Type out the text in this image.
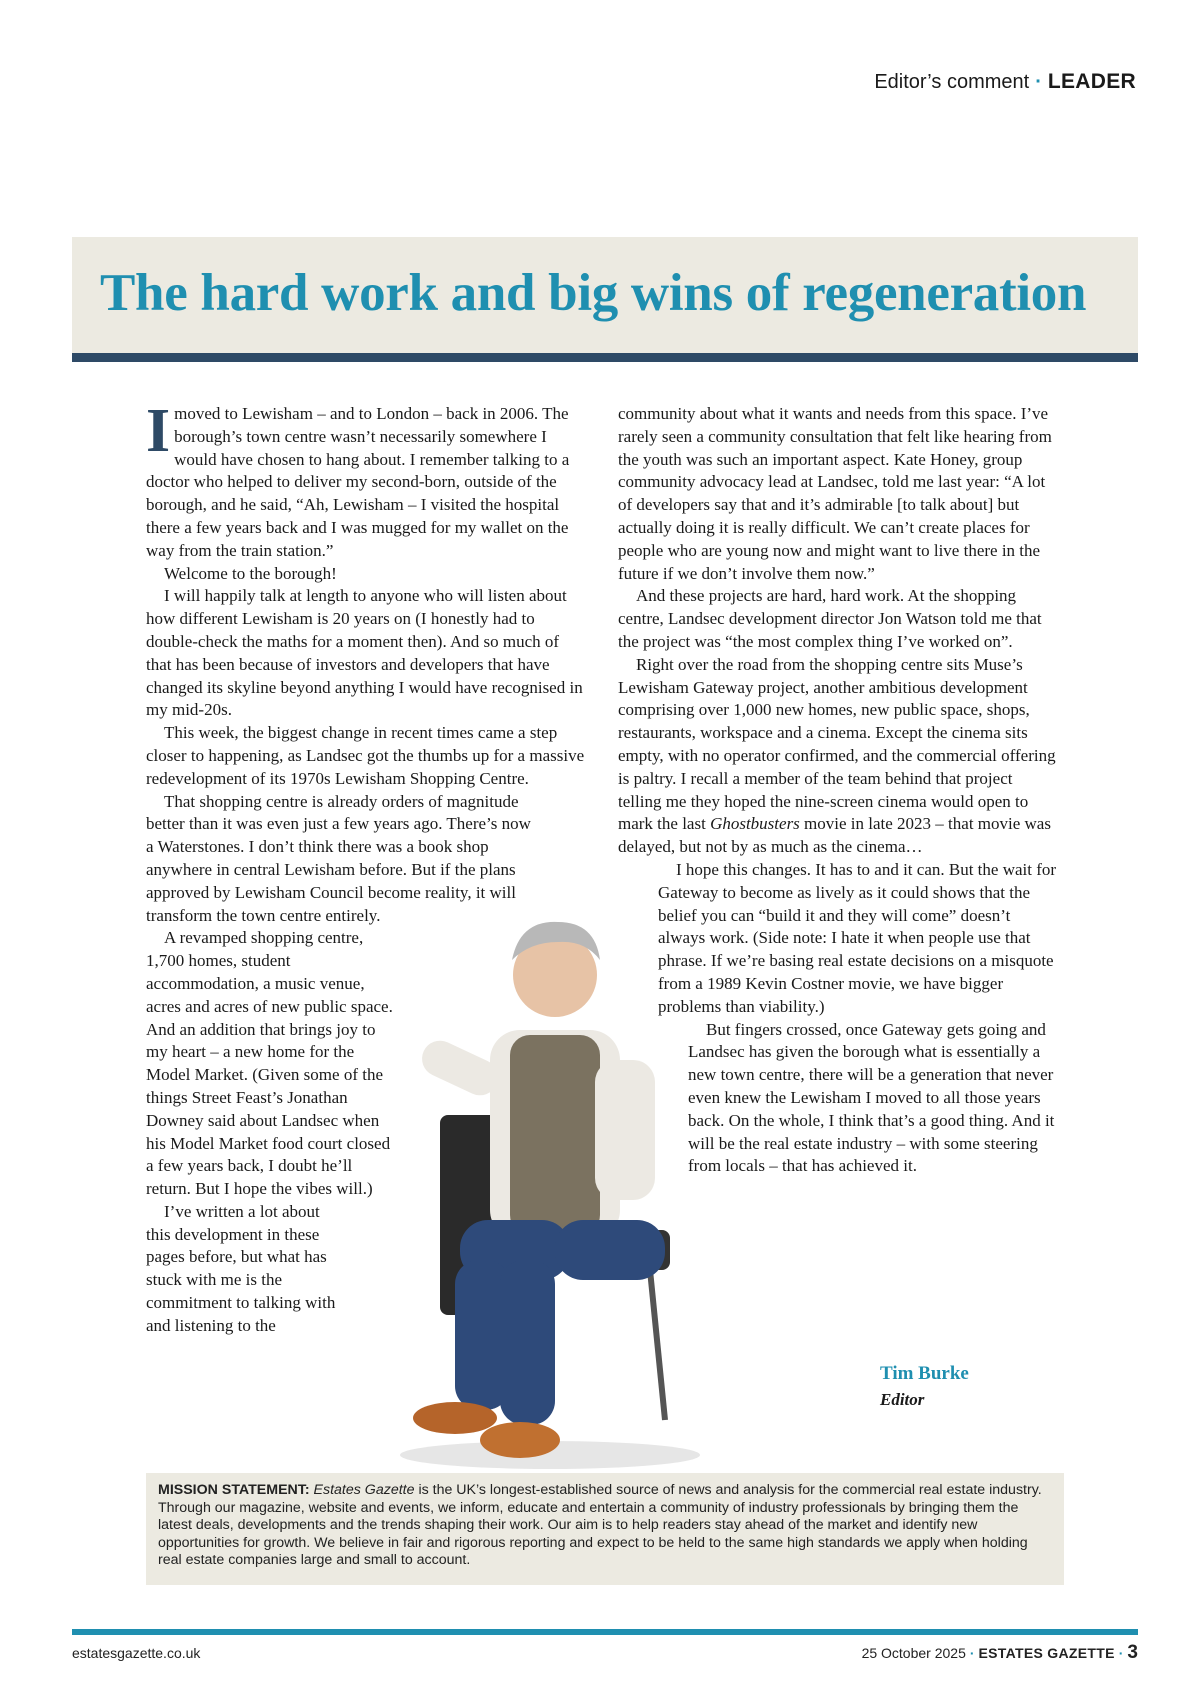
Editor’s comment · LEADER
The hard work and big wins of regeneration

Imoved to Lewisham – and to London – back in 2006. The borough’s town centre wasn’t necessarily somewhere I would have chosen to hang about. I remember talking to a doctor who helped to deliver my second-born, outside of the borough, and he said, “Ah, Lewisham – I visited the hospital there a few years back and I was mugged for my wallet on the way from the train station.”

Welcome to the borough!

I will happily talk at length to anyone who will listen about how different Lewisham is 20 years on (I honestly had to double-check the maths for a moment then). And so much of that has been because of investors and developers that have changed its skyline beyond anything I would have recognised in my mid-20s.

This week, the biggest change in recent times came a step closer to happening, as Landsec got the thumbs up for a massive redevelopment of its 1970s Lewisham Shopping Centre.

That shopping centre is already orders of magnitude better than it was even just a few years ago. There’s now a Waterstones. I don’t think there was a book shop anywhere in central Lewisham before. But if the plans approved by Lewisham Council become reality, it will transform the town centre entirely.

A revamped shopping centre, 1,700 homes, student accommodation, a music venue, acres and acres of new public space. And an addition that brings joy to my heart – a new home for the Model Market. (Given some of the things Street Feast’s Jonathan Downey said about Landsec when his Model Market food court closed a few years back, I doubt he’ll return. But I hope the vibes will.)

I’ve written a lot about this development in these pages before, but what has stuck with me is the commitment to talking with and listening to the

community about what it wants and needs from this space. I’ve rarely seen a community consultation that felt like hearing from the youth was such an important aspect. Kate Honey, group community advocacy lead at Landsec, told me last year: “A lot of developers say that and it’s admirable [to talk about] but actually doing it is really difficult. We can’t create places for people who are young now and might want to live there in the future if we don’t involve them now.”

And these projects are hard, hard work. At the shopping centre, Landsec development director Jon Watson told me that the project was “the most complex thing I’ve worked on”.

Right over the road from the shopping centre sits Muse’s Lewisham Gateway project, another ambitious development comprising over 1,000 new homes, new public space, shops, restaurants, workspace and a cinema. Except the cinema sits empty, with no operator confirmed, and the commercial offering is paltry. I recall a member of the team behind that project telling me they hoped the nine-screen cinema would open to mark the last Ghostbusters movie in late 2023 – that movie was delayed, but not by as much as the cinema…

I hope this changes. It has to and it can. But the wait for Gateway to become as lively as it could shows that the belief you can “build it and they will come” doesn’t always work. (Side note: I hate it when people use that phrase. If we’re basing real estate decisions on a misquote from a 1989 Kevin Costner movie, we have bigger problems than viability.)

But fingers crossed, once Gateway gets going and Landsec has given the borough what is essentially a new town centre, there will be a generation that never even knew the Lewisham I moved to all those years back. On the whole, I think that’s a good thing. And it will be the real estate industry – with some steering from locals – that has achieved it.

Tim Burke
Editor
MISSION STATEMENT: Estates Gazette is the UK’s longest-established source of news and analysis for the commercial real estate industry. Through our magazine, website and events, we inform, educate and entertain a community of industry professionals by bringing them the latest deals, developments and the trends shaping their work. Our aim is to help readers stay ahead of the market and identify new opportunities for growth. We believe in fair and rigorous reporting and expect to be held to the same high standards we apply when holding real estate companies large and small to account.
estatesgazette.co.uk	25 October 2025 · ESTATES GAZETTE · 3
